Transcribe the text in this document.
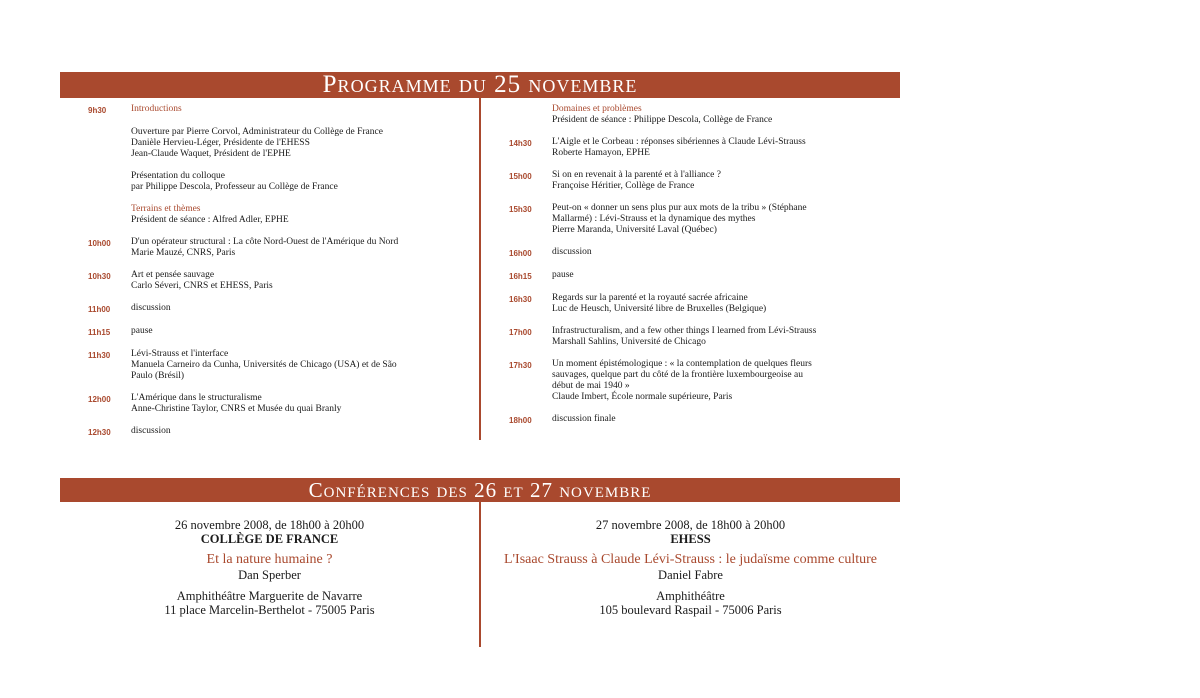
Programme du 25 novembre
9h30	Introductions
Ouverture par Pierre Corvol, Administrateur du Collège de France
Danièle Hervieu-Léger, Présidente de l'EHESS
Jean-Claude Waquet, Président de l'EPHE
Présentation du colloque
par Philippe Descola, Professeur au Collège de France
Terrains et thèmes
Président de séance : Alfred Adler, EPHE
10h00	D'un opérateur structural : La côte Nord-Ouest de l'Amérique du Nord
Marie Mauzé, CNRS, Paris
10h30	Art et pensée sauvage
Carlo Séveri, CNRS et EHESS, Paris
11h00	discussion
11h15	pause
11h30	Lévi-Strauss et l'interface
Manuela Carneiro da Cunha, Universités de Chicago (USA) et de São
Paulo (Brésil)
12h00	L'Amérique dans le structuralisme
Anne-Christine Taylor, CNRS et Musée du quai Branly
12h30	discussion
Domaines et problèmes
Président de séance : Philippe Descola, Collège de France
14h30	L'Aigle et le Corbeau : réponses sibériennes à Claude Lévi-Strauss
Roberte Hamayon, EPHE
15h00	Si on en revenait à la parenté et à l'alliance ?
Françoise Héritier, Collège de France
15h30	Peut-on « donner un sens plus pur aux mots de la tribu » (Stéphane
Mallarmé) : Lévi-Strauss et la dynamique des mythes
Pierre Maranda, Université Laval (Québec)
16h00	discussion
16h15	pause
16h30	Regards sur la parenté et la royauté sacrée africaine
Luc de Heusch, Université libre de Bruxelles (Belgique)
17h00	Infrastructuralism, and a few other things I learned from Lévi-Strauss
Marshall Sahlins, Université de Chicago
17h30	Un moment épistémologique : « la contemplation de quelques fleurs
sauvages, quelque part du côté de la frontière luxembourgeoise au
début de mai 1940 »
Claude Imbert, École normale supérieure, Paris
18h00	discussion finale
Conférences des 26 et 27 novembre
26 novembre 2008, de 18h00 à 20h00
COLLÈGE DE FRANCE
Et la nature humaine ?
Dan Sperber
Amphithéâtre Marguerite de Navarre
11 place Marcelin-Berthelot - 75005 Paris
27 novembre 2008, de 18h00 à 20h00
EHESS
L'Isaac Strauss à Claude Lévi-Strauss : le judaïsme comme culture
Daniel Fabre
Amphithéâtre
105 boulevard Raspail - 75006 Paris
